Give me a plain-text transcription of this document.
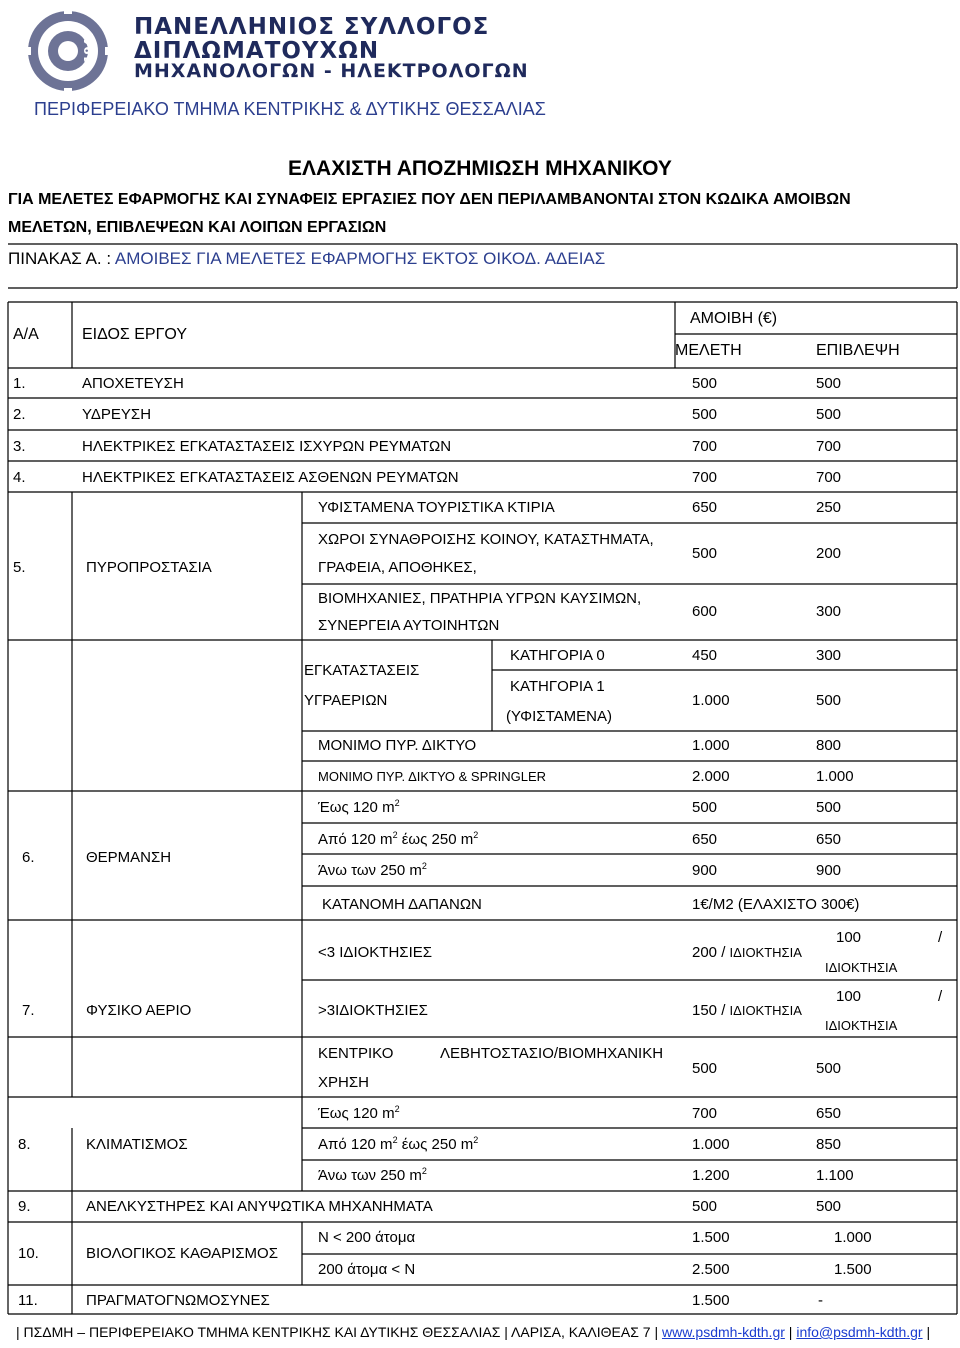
1947
ΠΑΝΕΛΛΗΝΙΟΣ ΣΥΛΛΟΓΟΣ
ΔΙΠΛΩΜΑΤΟΥΧΩΝ
ΜΗΧΑΝΟΛΟΓΩΝ - ΗΛΕΚΤΡΟΛΟΓΩΝ
ΠΕΡΙΦΕΡΕΙΑΚΟ ΤΜΗΜΑ ΚΕΝΤΡΙΚΗΣ & ΔΥΤΙΚΗΣ ΘΕΣΣΑΛΙΑΣ
ΕΛΑΧΙΣΤΗ ΑΠΟΖΗΜΙΩΣΗ ΜΗΧΑΝΙΚΟΥ
ΓΙΑ ΜΕΛΕΤΕΣ ΕΦΑΡΜΟΓΗΣ ΚΑΙ ΣΥΝΑΦΕΙΣ ΕΡΓΑΣΙΕΣ ΠΟΥ ΔΕΝ ΠΕΡΙΛΑΜΒΑΝΟΝΤΑΙ ΣΤΟΝ ΚΩΔΙΚΑ ΑΜΟΙΒΩΝ
ΜΕΛΕΤΩΝ, ΕΠΙΒΛΕΨΕΩΝ ΚΑΙ ΛΟΙΠΩΝ ΕΡΓΑΣΙΩΝ
ΠΙΝΑΚΑΣ Α. : ΑΜΟΙΒΕΣ ΓΙΑ ΜΕΛΕΤΕΣ ΕΦΑΡΜΟΓΗΣ ΕΚΤΟΣ ΟΙΚΟΔ. ΑΔΕΙΑΣ
Α/Α	ΕΙΔΟΣ ΕΡΓΟΥ
ΑΜΟΙΒΗ (€)
ΜΕΛΕΤΗ	ΕΠΙΒΛΕΨΗ
1.	ΑΠΟΧΕΤΕΥΣΗ	500	500
2.	ΥΔΡΕΥΣΗ	500	500
3.	ΗΛΕΚΤΡΙΚΕΣ ΕΓΚΑΤΑΣΤΑΣΕΙΣ ΙΣΧΥΡΩΝ ΡΕΥΜΑΤΩΝ	700	700
4.	ΗΛΕΚΤΡΙΚΕΣ ΕΓΚΑΤΑΣΤΑΣΕΙΣ ΑΣΘΕΝΩΝ ΡΕΥΜΑΤΩΝ	700	700
5.	ΠΥΡΟΠΡΟΣΤΑΣΙΑ
ΥΦΙΣΤΑΜΕΝΑ ΤΟΥΡΙΣΤΙΚΑ ΚΤΙΡΙΑ	650	250
ΧΩΡΟΙ ΣΥΝΑΘΡΟΙΣΗΣ ΚΟΙΝΟΥ, ΚΑΤΑΣΤΗΜΑΤΑ,
ΓΡΑΦΕΙΑ, ΑΠΟΘΗΚΕΣ,
500	200
ΒΙΟΜΗΧΑΝΙΕΣ, ΠΡΑΤΗΡΙΑ ΥΓΡΩΝ ΚΑΥΣΙΜΩΝ,
ΣΥΝΕΡΓΕΙΑ ΑΥΤΟΙΝΗΤΩΝ
600	300
ΕΓΚΑΤΑΣΤΑΣΕΙΣ
ΥΓΡΑΕΡΙΩΝ
ΚΑΤΗΓΟΡΙΑ 0	450	300
ΚΑΤΗΓΟΡΙΑ 1
(ΥΦΙΣΤΑΜΕΝΑ)
1.000	500
ΜΟΝΙΜΟ ΠΥΡ. ΔΙΚΤΥΟ	1.000	800
ΜΟΝΙΜΟ ΠΥΡ. ΔΙΚΤΥΟ & SPRINGLER	2.000	1.000
6.	ΘΕΡΜΑΝΣΗ
Έως 120 $m^2$	500	500
Από 120 $m^2$ έως 250 $m^2$	650	650
Άνω των 250 $m^2$	900	900
ΚΑΤΑΝΟΜΗ ΔΑΠΑΝΩΝ	1€/Μ2 (ΕΛΑΧΙΣΤΟ 300€)
7.	ΦΥΣΙΚΟ ΑΕΡΙΟ
<3 ΙΔΙΟΚΤΗΣΙΕΣ	200 / ΙΔΙΟΚΤΗΣΙΑ
100	/
ΙΔΙΟΚΤΗΣΙΑ
>3ΙΔΙΟΚΤΗΣΙΕΣ	150 / ΙΔΙΟΚΤΗΣΙΑ
100	/
ΙΔΙΟΚΤΗΣΙΑ
ΚΕΝΤΡΙΚΟ	ΛΕΒΗΤΟΣΤΑΣΙΟ/ΒΙΟΜΗΧΑΝΙΚΗ
ΧΡΗΣΗ
500	500
8.	ΚΛΙΜΑΤΙΣΜΟΣ
Έως 120 $m^2$	700	650
Από 120 $m^2$ έως 250 $m^2$	1.000	850
Άνω των 250 $m^2$	1.200	1.100
9.	ΑΝΕΛΚΥΣΤΗΡΕΣ ΚΑΙ ΑΝΥΨΩΤΙΚΑ ΜΗΧΑΝΗΜΑΤΑ	500	500
10.	ΒΙΟΛΟΓΙΚΟΣ ΚΑΘΑΡΙΣΜΟΣ
Ν < 200 άτομα	1.500	1.000
200 άτομα < Ν	2.500	1.500
11.	ΠΡΑΓΜΑΤΟΓΝΩΜΟΣΥΝΕΣ	1.500	-
| ΠΣΔΜΗ – ΠΕΡΙΦΕΡΕΙΑΚΟ ΤΜΗΜΑ ΚΕΝΤΡΙΚΗΣ ΚΑΙ ΔΥΤΙΚΗΣ ΘΕΣΣΑΛΙΑΣ | ΛΑΡΙΣΑ, ΚΑΛΙΘΕΑΣ 7 | www.psdmh-kdth.gr | info@psdmh-kdth.gr |
